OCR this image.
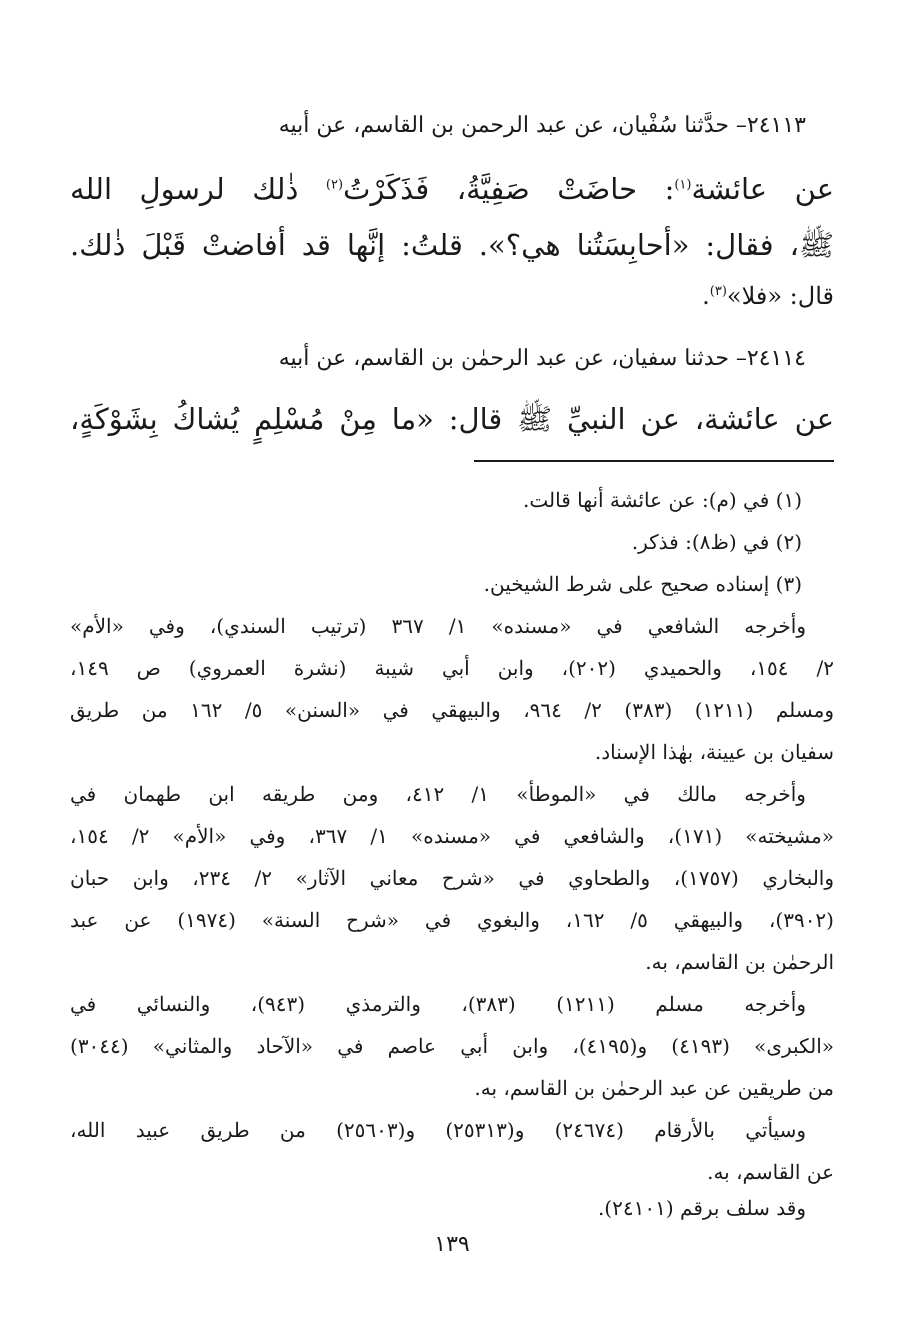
٢٤١١٣– حدَّثنا سُفْيان، عن عبد الرحمن بن القاسم، عن أبيه
عن عائشة$^{(١)}$: حاضَتْ صَفِيَّةُ، فَذَكَرْتُ$^{(٢)}$ ذٰلك لرسولِ الله
ﷺ، فقال: «أحابِسَتُنا هي؟». قلتُ: إنَّها قد أفاضتْ قَبْلَ ذٰلك.
قال: «فلا»$^{(٣)}$.
٢٤١١٤– حدثنا سفيان، عن عبد الرحمٰن بن القاسم، عن أبيه
عن عائشة، عن النبيِّ ﷺ قال: «ما مِنْ مُسْلِمٍ يُشاكُ بِشَوْكَةٍ،
(١) في (م): عن عائشة أنها قالت.
(٢) في (ظ٨): فذكر.
(٣) إسناده صحيح على شرط الشيخين.
وأخرجه الشافعي في «مسنده» ١/ ٣٦٧ (ترتيب السندي)، وفي «الأم»
٢/ ١٥٤، والحميدي (٢٠٢)، وابن أبي شيبة (نشرة العمروي) ص ١٤٩،
ومسلم (١٢١١) (٣٨٣) ٢/ ٩٦٤، والبيهقي في «السنن» ٥/ ١٦٢ من طريق
سفيان بن عيينة، بهٰذا الإسناد.
وأخرجه مالك في «الموطأ» ١/ ٤١٢، ومن طريقه ابن طهمان في
«مشيخته» (١٧١)، والشافعي في «مسنده» ١/ ٣٦٧، وفي «الأم» ٢/ ١٥٤،
والبخاري (١٧٥٧)، والطحاوي في «شرح معاني الآثار» ٢/ ٢٣٤، وابن حبان
(٣٩٠٢)، والبيهقي ٥/ ١٦٢، والبغوي في «شرح السنة» (١٩٧٤) عن عبد
الرحمٰن بن القاسم، به.
وأخرجه مسلم (١٢١١) (٣٨٣)، والترمذي (٩٤٣)، والنسائي في
«الكبرى» (٤١٩٣) و(٤١٩٥)، وابن أبي عاصم في «الآحاد والمثاني» (٣٠٤٤)
من طريقين عن عبد الرحمٰن بن القاسم، به.
وسيأتي بالأرقام (٢٤٦٧٤) و(٢٥٣١٣) و(٢٥٦٠٣) من طريق عبيد الله،
عن القاسم، به.
وقد سلف برقم (٢٤١٠١).
١٣٩
